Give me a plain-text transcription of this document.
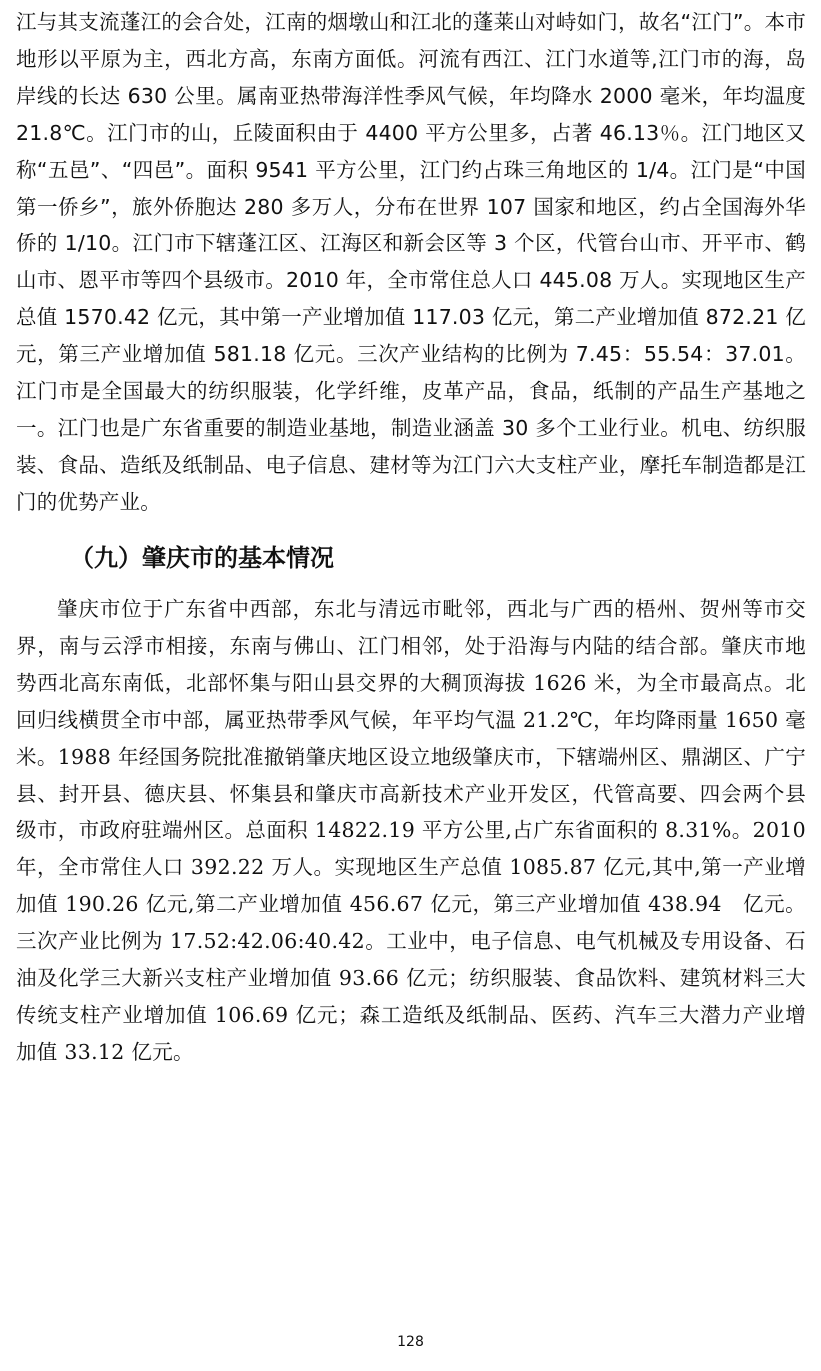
江与其支流蓬江的会合处，江南的烟墩山和江北的蓬莱山对峙如门，故名“江门”。本市地形以平原为主，西北方高，东南方面低。河流有西江、江门水道等,江门市的海，岛岸线的长达 630 公里。属南亚热带海洋性季风气候，年均降水 2000 毫米，年均温度 21.8℃。江门市的山，丘陵面积由于 4400 平方公里多，占著 46.13％。江门地区又称“五邑”、“四邑”。面积 9541 平方公里，江门约占珠三角地区的 1/4。江门是“中国第一侨乡”，旅外侨胞达 280 多万人，分布在世界 107 国家和地区，约占全国海外华侨的 1/10。江门市下辖蓬江区、江海区和新会区等 3 个区，代管台山市、开平市、鹤山市、恩平市等四个县级市。2010 年，全市常住总人口 445.08 万人。实现地区生产总值 1570.42 亿元，其中第一产业增加值 117.03 亿元，第二产业增加值 872.21 亿元，第三产业增加值 581.18 亿元。三次产业结构的比例为 7.45：55.54：37.01。江门市是全国最大的纺织服装，化学纤维，皮革产品，食品，纸制的产品生产基地之一。江门也是广东省重要的制造业基地，制造业涵盖 30 多个工业行业。机电、纺织服装、食品、造纸及纸制品、电子信息、建材等为江门六大支柱产业，摩托车制造都是江门的优势产业。
（九）肇庆市的基本情况
肇庆市位于广东省中西部，东北与清远市毗邻，西北与广西的梧州、贺州等市交界，南与云浮市相接，东南与佛山、江门相邻，处于沿海与内陆的结合部。肇庆市地势西北高东南低，北部怀集与阳山县交界的大稠顶海拔 1626 米，为全市最高点。北回归线横贯全市中部，属亚热带季风气候，年平均气温 21.2℃，年均降雨量 1650 毫米。1988 年经国务院批准撤销肇庆地区设立地级肇庆市，下辖端州区、鼎湖区、广宁县、封开县、德庆县、怀集县和肇庆市高新技术产业开发区，代管高要、四会两个县级市，市政府驻端州区。总面积 14822.19 平方公里,占广东省面积的 8.31%。2010 年，全市常住人口 392.22 万人。实现地区生产总值 1085.87 亿元,其中,第一产业增加值 190.26 亿元,第二产业增加值 456.67 亿元，第三产业增加值 438.94　亿元。三次产业比例为 17.52:42.06:40.42。工业中，电子信息、电气机械及专用设备、石油及化学三大新兴支柱产业增加值 93.66 亿元；纺织服装、食品饮料、建筑材料三大传统支柱产业增加值 106.69 亿元；森工造纸及纸制品、医药、汽车三大潜力产业增加值 33.12 亿元。
128
